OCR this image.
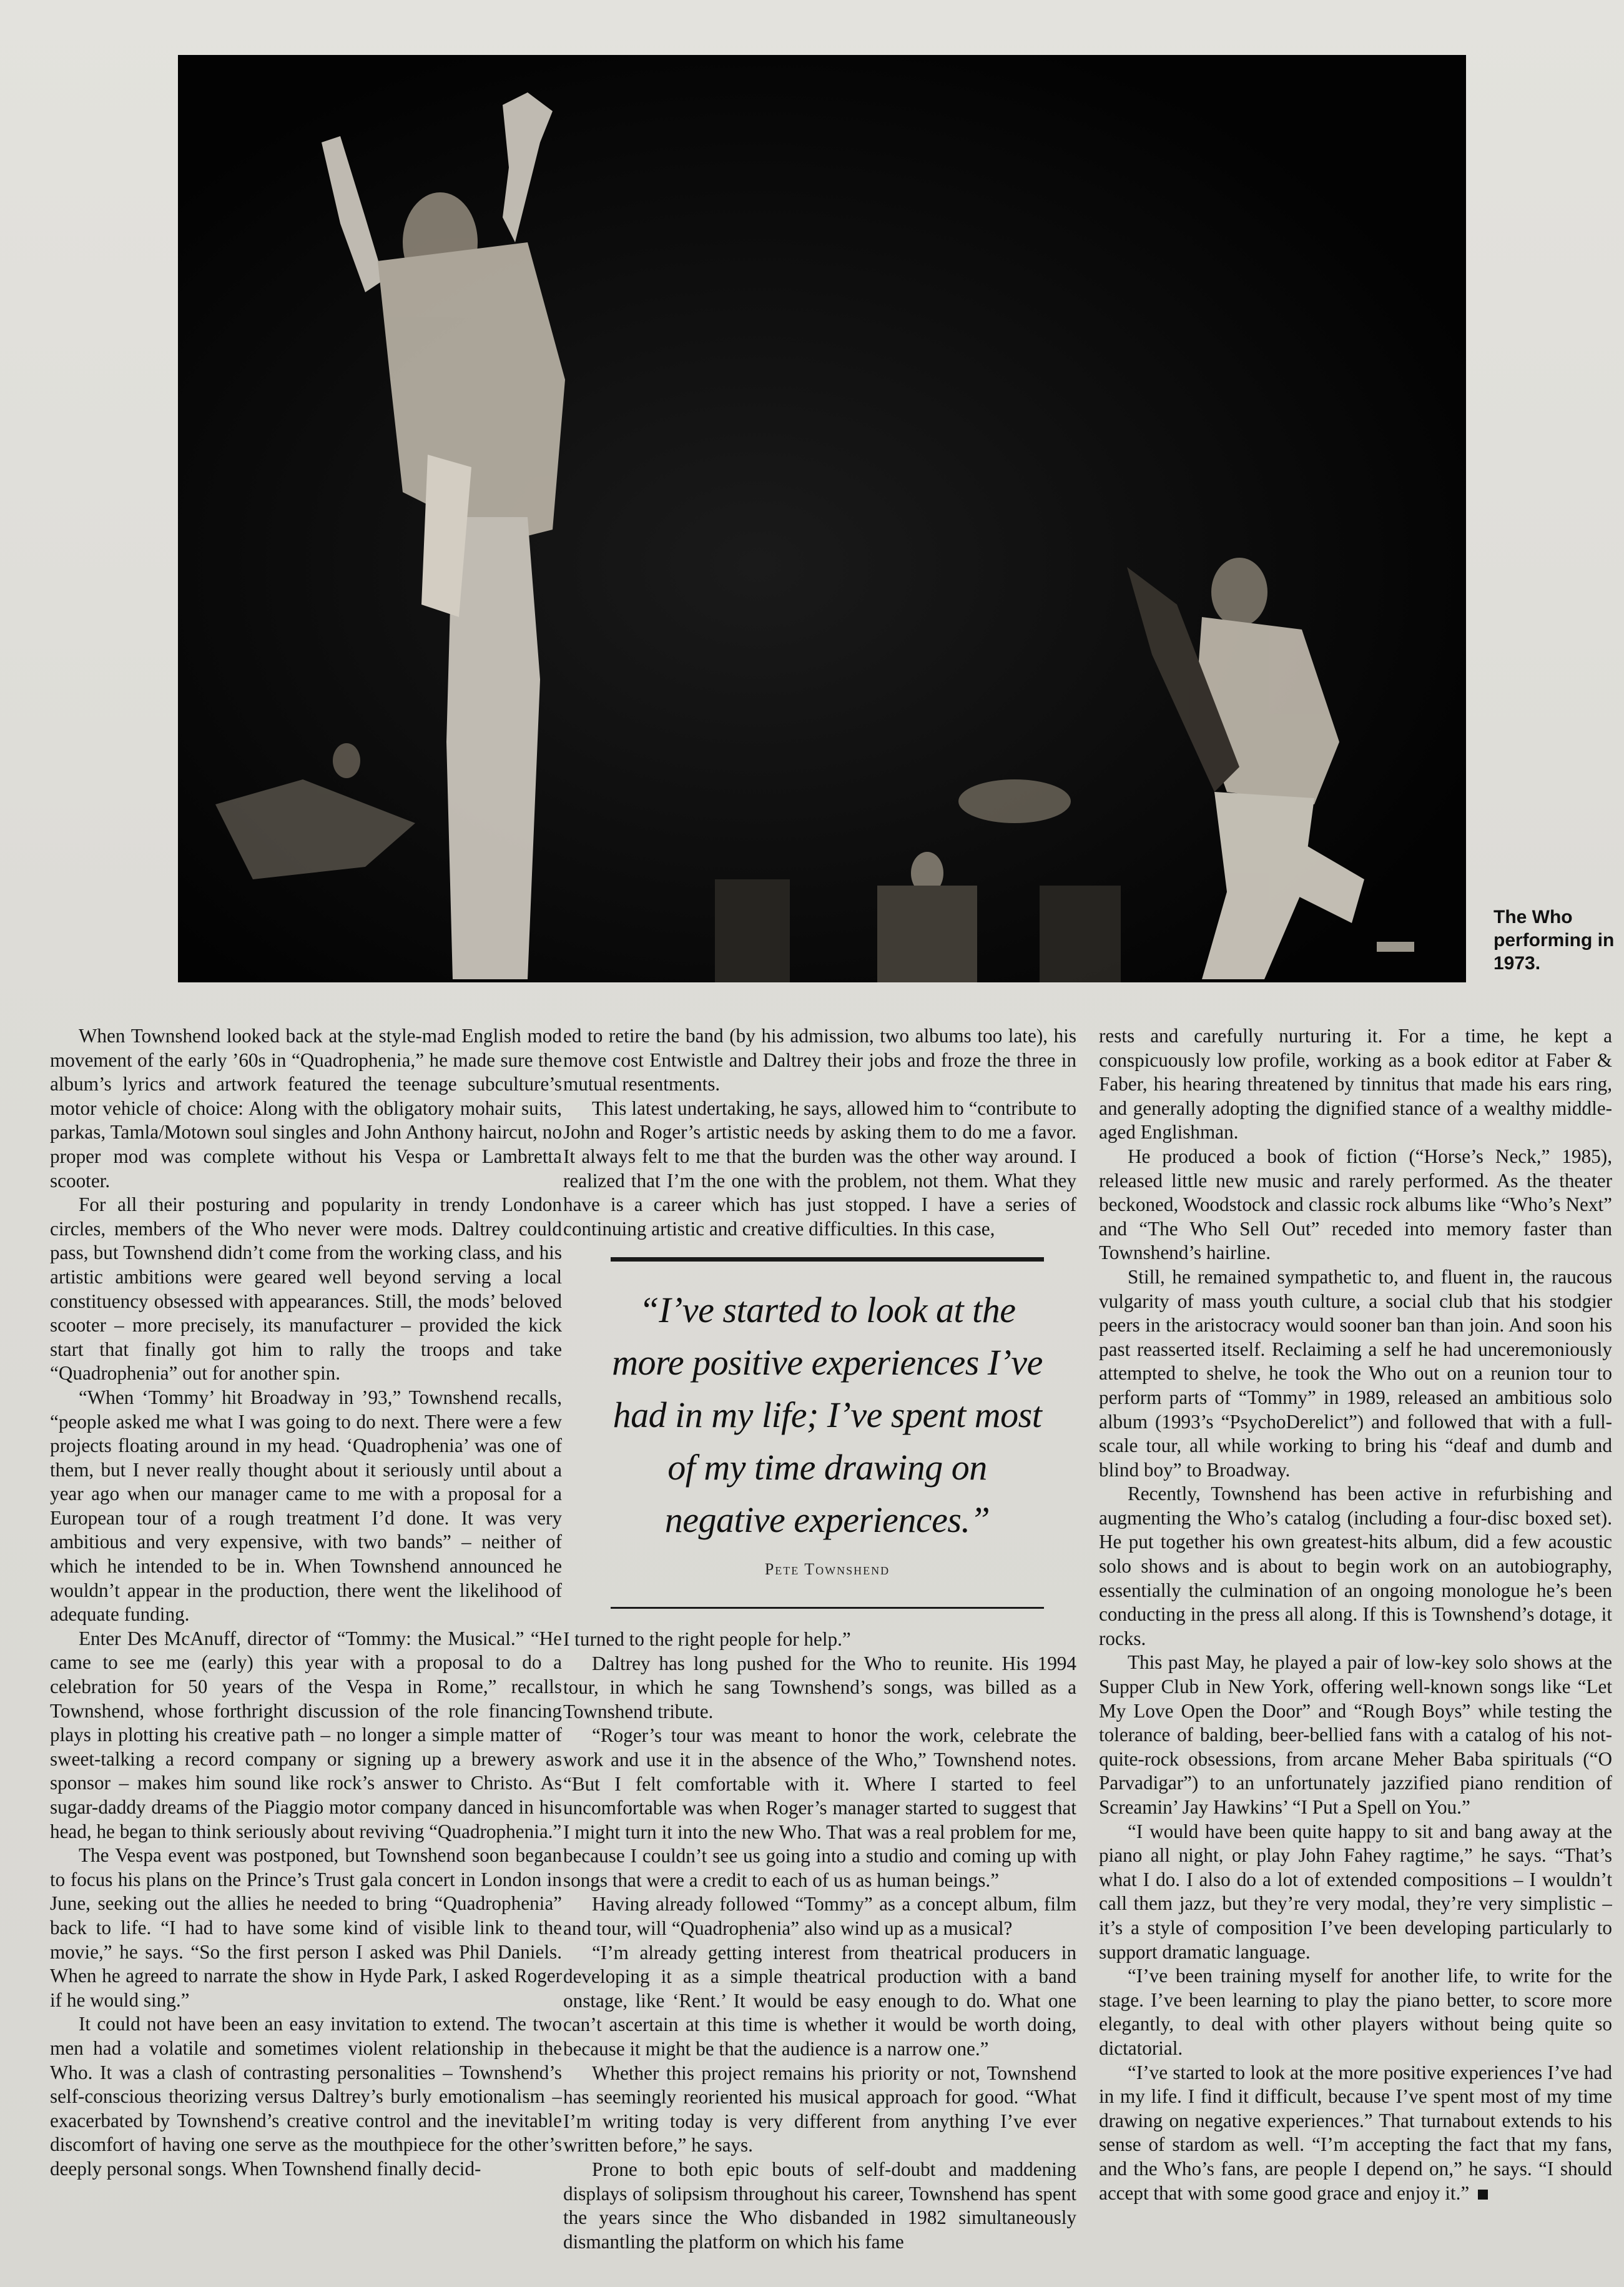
The Who performing in 1973.

When Townshend looked back at the style-mad English mod movement of the early ’60s in “Quadrophenia,” he made sure the album’s lyrics and artwork featured the teenage subculture’s motor vehicle of choice: Along with the obligatory mohair suits, parkas, Tamla/Motown soul singles and John Anthony haircut, no proper mod was complete without his Vespa or Lambretta scooter.

For all their posturing and popularity in trendy London circles, members of the Who never were mods. Daltrey could pass, but Townshend didn’t come from the working class, and his artistic ambitions were geared well beyond serving a local constituency obsessed with appearances. Still, the mods’ beloved scooter – more precisely, its manufacturer – provided the kick start that finally got him to rally the troops and take “Quadrophenia” out for another spin.

“When ‘Tommy’ hit Broadway in ’93,” Townshend recalls, “people asked me what I was going to do next. There were a few projects floating around in my head. ‘Quadrophenia’ was one of them, but I never really thought about it seriously until about a year ago when our manager came to me with a proposal for a European tour of a rough treatment I’d done. It was very ambitious and very expensive, with two bands” – neither of which he intended to be in. When Townshend announced he wouldn’t appear in the production, there went the likelihood of adequate funding.

Enter Des McAnuff, director of “Tommy: the Musical.” “He came to see me (early) this year with a proposal to do a celebration for 50 years of the Vespa in Rome,” recalls Townshend, whose forthright discussion of the role financing plays in plotting his creative path – no longer a simple matter of sweet-talking a record company or signing up a brewery as sponsor – makes him sound like rock’s answer to Christo. As sugar-daddy dreams of the Piaggio motor company danced in his head, he began to think seriously about reviving “Quadrophenia.”

The Vespa event was postponed, but Townshend soon began to focus his plans on the Prince’s Trust gala concert in London in June, seeking out the allies he needed to bring “Quadrophenia” back to life. “I had to have some kind of visible link to the movie,” he says. “So the first person I asked was Phil Daniels. When he agreed to narrate the show in Hyde Park, I asked Roger if he would sing.”

It could not have been an easy invitation to extend. The two men had a volatile and sometimes violent relationship in the Who. It was a clash of contrasting personalities – Townshend’s self-conscious theorizing versus Daltrey’s burly emotionalism – exacerbated by Townshend’s creative control and the inevitable discomfort of having one serve as the mouthpiece for the other’s deeply personal songs. When Townshend finally decid-

ed to retire the band (by his admission, two albums too late), his move cost Entwistle and Daltrey their jobs and froze the three in mutual resentments.

This latest undertaking, he says, allowed him to “contribute to John and Roger’s artistic needs by asking them to do me a favor. It always felt to me that the burden was the other way around. I realized that I’m the one with the problem, not them. What they have is a career which has just stopped. I have a series of continuing artistic and creative difficulties. In this case,

“I’ve started to look at the more positive experiences I’ve had in my life; I’ve spent most of my time drawing on negative experiences.”
Pete Townshend

I turned to the right people for help.”

Daltrey has long pushed for the Who to reunite. His 1994 tour, in which he sang Townshend’s songs, was billed as a Townshend tribute.

“Roger’s tour was meant to honor the work, celebrate the work and use it in the absence of the Who,” Townshend notes. “But I felt comfortable with it. Where I started to feel uncomfortable was when Roger’s manager started to suggest that I might turn it into the new Who. That was a real problem for me, because I couldn’t see us going into a studio and coming up with songs that were a credit to each of us as human beings.”

Having already followed “Tommy” as a concept album, film and tour, will “Quadrophenia” also wind up as a musical?

“I’m already getting interest from theatrical producers in developing it as a simple theatrical production with a band onstage, like ‘Rent.’ It would be easy enough to do. What one can’t ascertain at this time is whether it would be worth doing, because it might be that the audience is a narrow one.”

Whether this project remains his priority or not, Townshend has seemingly reoriented his musical approach for good. “What I’m writing today is very different from anything I’ve ever written before,” he says.

Prone to both epic bouts of self-doubt and maddening displays of solipsism throughout his career, Townshend has spent the years since the Who disbanded in 1982 simultaneously dismantling the platform on which his fame

rests and carefully nurturing it. For a time, he kept a conspicuously low profile, working as a book editor at Faber & Faber, his hearing threatened by tinnitus that made his ears ring, and generally adopting the dignified stance of a wealthy middle-aged Englishman.

He produced a book of fiction (“Horse’s Neck,” 1985), released little new music and rarely performed. As the theater beckoned, Woodstock and classic rock albums like “Who’s Next” and “The Who Sell Out” receded into memory faster than Townshend’s hairline.

Still, he remained sympathetic to, and fluent in, the raucous vulgarity of mass youth culture, a social club that his stodgier peers in the aristocracy would sooner ban than join. And soon his past reasserted itself. Reclaiming a self he had unceremoniously attempted to shelve, he took the Who out on a reunion tour to perform parts of “Tommy” in 1989, released an ambitious solo album (1993’s “PsychoDerelict”) and followed that with a full-scale tour, all while working to bring his “deaf and dumb and blind boy” to Broadway.

Recently, Townshend has been active in refurbishing and augmenting the Who’s catalog (including a four-disc boxed set). He put together his own greatest-hits album, did a few acoustic solo shows and is about to begin work on an autobiography, essentially the culmination of an ongoing monologue he’s been conducting in the press all along. If this is Townshend’s dotage, it rocks.

This past May, he played a pair of low-key solo shows at the Supper Club in New York, offering well-known songs like “Let My Love Open the Door” and “Rough Boys” while testing the tolerance of balding, beer-bellied fans with a catalog of his not-quite-rock obsessions, from arcane Meher Baba spirituals (“O Parvadigar”) to an unfortunately jazzified piano rendition of Screamin’ Jay Hawkins’ “I Put a Spell on You.”

“I would have been quite happy to sit and bang away at the piano all night, or play John Fahey ragtime,” he says. “That’s what I do. I also do a lot of extended compositions – I wouldn’t call them jazz, but they’re very modal, they’re very simplistic – it’s a style of composition I’ve been developing particularly to support dramatic language.

“I’ve been training myself for another life, to write for the stage. I’ve been learning to play the piano better, to score more elegantly, to deal with other players without being quite so dictatorial.

“I’ve started to look at the more positive experiences I’ve had in my life. I find it difficult, because I’ve spent most of my time drawing on negative experiences.” That turnabout extends to his sense of stardom as well. “I’m accepting the fact that my fans, and the Who’s fans, are people I depend on,” he says. “I should accept that with some good grace and enjoy it.”
